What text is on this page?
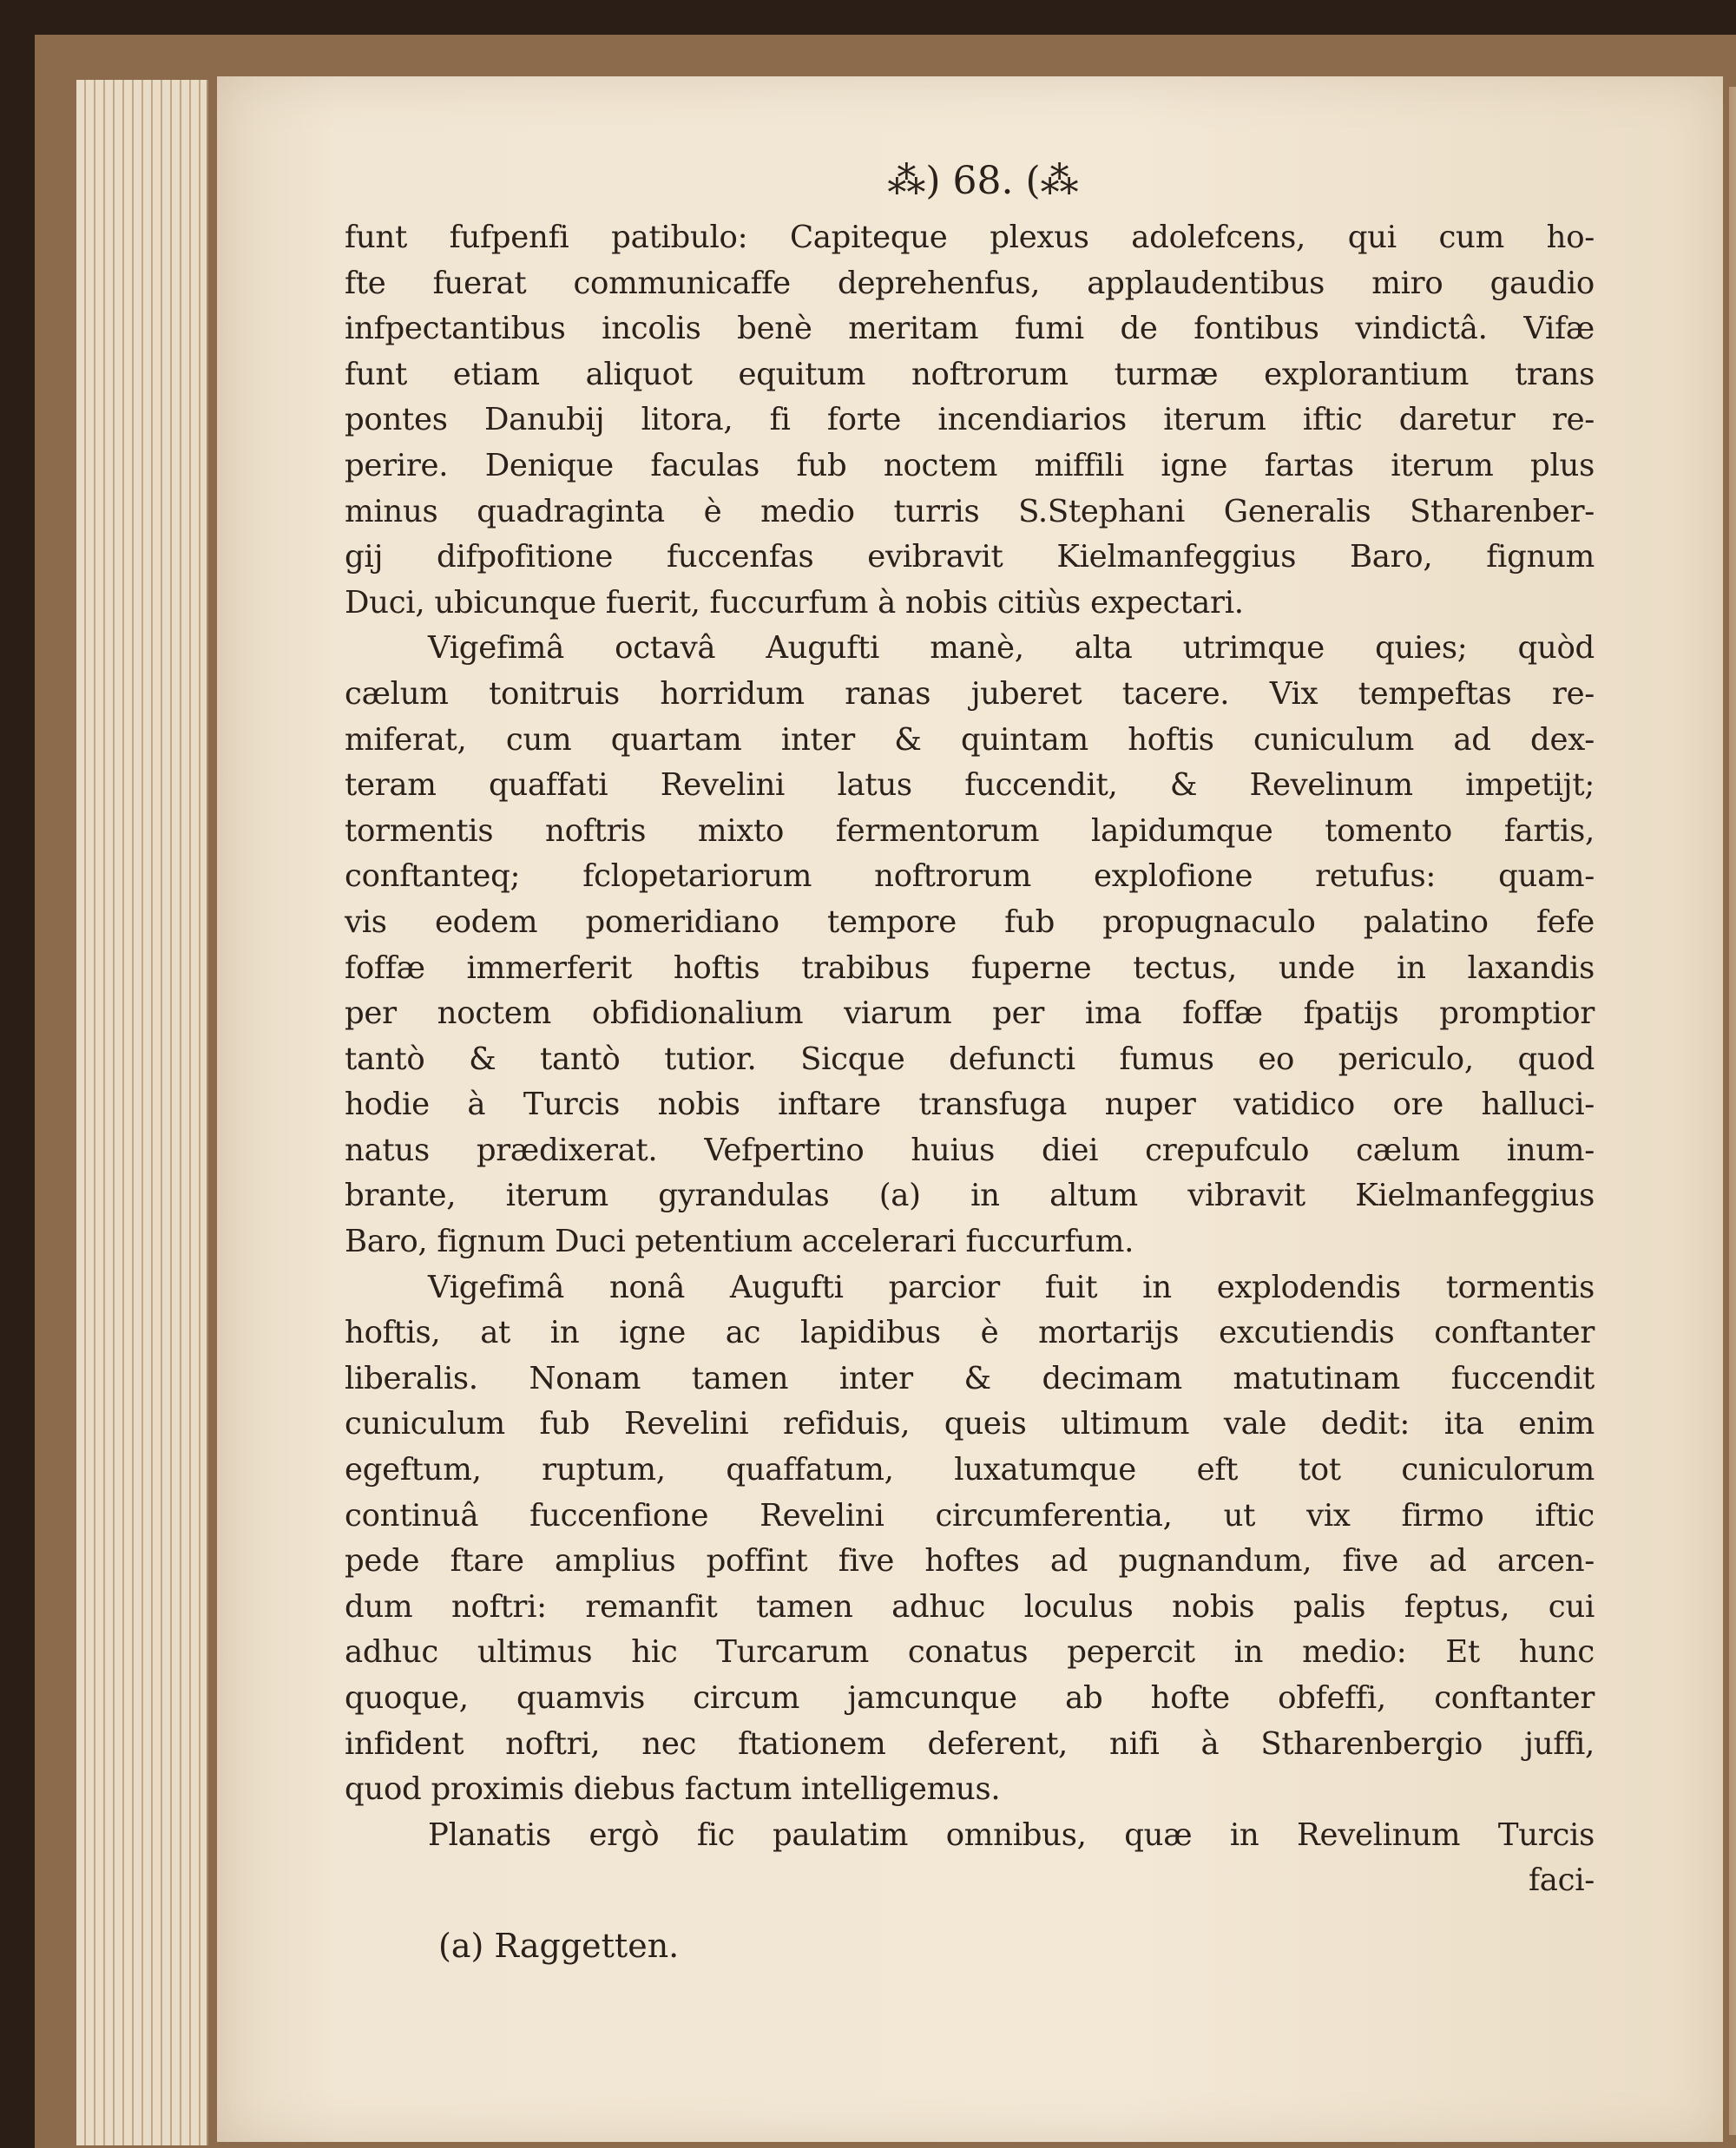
⁂) 68. (⁂
funt fufpenfi patibulo: Capiteque plexus adolefcens, qui cum ho-
fte fuerat communicaffe deprehenfus, applaudentibus miro gaudio
infpectantibus incolis benè meritam fumi de fontibus vindictâ. Vifæ
funt etiam aliquot equitum noftrorum turmæ explorantium trans
pontes Danubij litora, fi forte incendiarios iterum iftic daretur re-
perire. Denique faculas fub noctem miffili igne fartas iterum plus
minus quadraginta è medio turris S.Stephani Generalis Stharenber-
gij difpofitione fuccenfas evibravit Kielmanfeggius Baro, fignum
Duci, ubicunque fuerit, fuccurfum à nobis citiùs expectari.
Vigefimâ octavâ Augufti manè, alta utrimque quies; quòd
cælum tonitruis horridum ranas juberet tacere. Vix tempeftas re-
miferat, cum quartam inter & quintam hoftis cuniculum ad dex-
teram quaffati Revelini latus fuccendit, & Revelinum impetijt;
tormentis noftris mixto fermentorum lapidumque tomento fartis,
conftanteq; fclopetariorum noftrorum explofione retufus: quam-
vis eodem pomeridiano tempore fub propugnaculo palatino fefe
foffæ immerferit hoftis trabibus fuperne tectus, unde in laxandis
per noctem obfidionalium viarum per ima foffæ fpatijs promptior
tantò & tantò tutior. Sicque defuncti fumus eo periculo, quod
hodie à Turcis nobis inftare transfuga nuper vatidico ore halluci-
natus prædixerat. Vefpertino huius diei crepufculo cælum inum-
brante, iterum gyrandulas (a) in altum vibravit Kielmanfeggius
Baro, fignum Duci petentium accelerari fuccurfum.
Vigefimâ nonâ Augufti parcior fuit in explodendis tormentis
hoftis, at in igne ac lapidibus è mortarijs excutiendis conftanter
liberalis. Nonam tamen inter & decimam matutinam fuccendit
cuniculum fub Revelini refiduis, queis ultimum vale dedit: ita enim
egeftum, ruptum, quaffatum, luxatumque eft tot cuniculorum
continuâ fuccenfione Revelini circumferentia, ut vix firmo iftic
pede ftare amplius poffint five hoftes ad pugnandum, five ad arcen-
dum noftri: remanfit tamen adhuc loculus nobis palis feptus, cui
adhuc ultimus hic Turcarum conatus pepercit in medio: Et hunc
quoque, quamvis circum jamcunque ab hofte obfeffi, conftanter
infident noftri, nec ftationem deferent, nifi à Stharenbergio juffi,
quod proximis diebus factum intelligemus.
Planatis ergò fic paulatim omnibus, quæ in Revelinum Turcis
faci-
(a) Raggetten.
